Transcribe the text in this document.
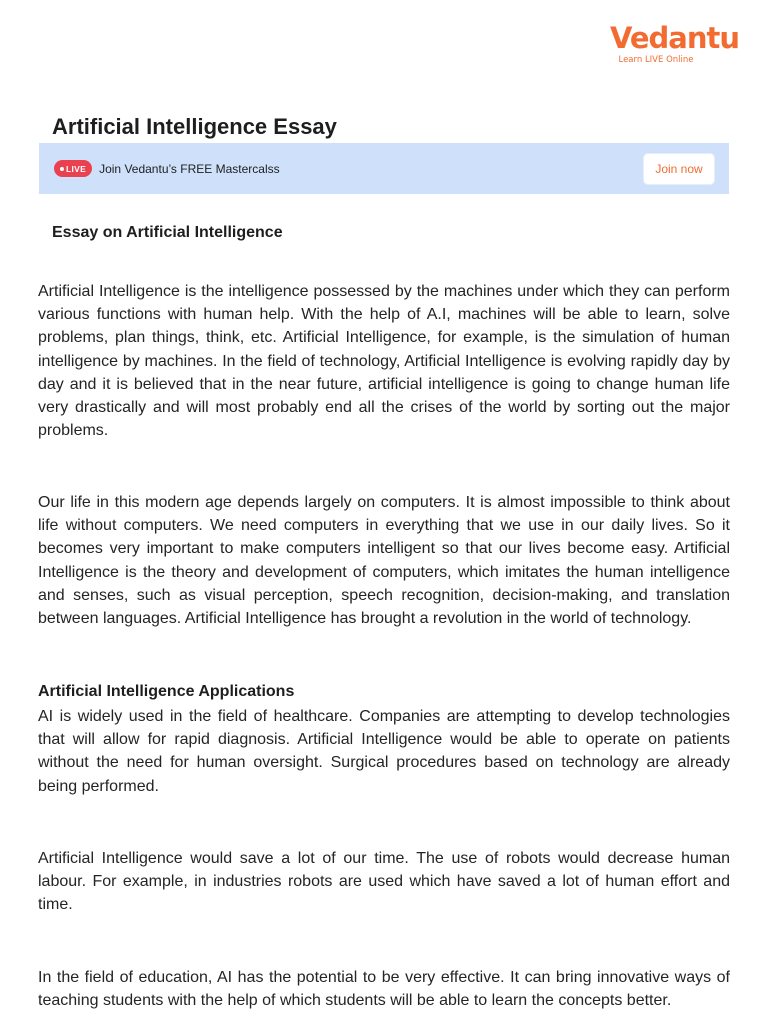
Vedantu
Learn LIVE Online
Artificial Intelligence Essay
LIVE Join Vedantu’s FREE Mastercalss	Join now
Essay on Artificial Intelligence

Artificial Intelligence is the intelligence possessed by the machines under which they can perform various functions with human help. With the help of A.I, machines will be able to learn, solve problems, plan things, think, etc. Artificial Intelligence, for example, is the simulation of human intelligence by machines. In the field of technology, Artificial Intelligence is evolving rapidly day by day and it is believed that in the near future, artificial intelligence is going to change human life very drastically and will most probably end all the crises of the world by sorting out the major problems.

Our life in this modern age depends largely on computers. It is almost impossible to think about life without computers. We need computers in everything that we use in our daily lives. So it becomes very important to make computers intelligent so that our lives become easy. Artificial Intelligence is the theory and development of computers, which imitates the human intelligence and senses, such as visual perception, speech recognition, decision-making, and translation between languages. Artificial Intelligence has brought a revolution in the world of technology.

Artificial Intelligence Applications

AI is widely used in the field of healthcare. Companies are attempting to develop technologies that will allow for rapid diagnosis. Artificial Intelligence would be able to operate on patients without the need for human oversight. Surgical procedures based on technology are already being performed.

Artificial Intelligence would save a lot of our time. The use of robots would decrease human labour. For example, in industries robots are used which have saved a lot of human effort and time.

In the field of education, AI has the potential to be very effective. It can bring innovative ways of teaching students with the help of which students will be able to learn the concepts better.
